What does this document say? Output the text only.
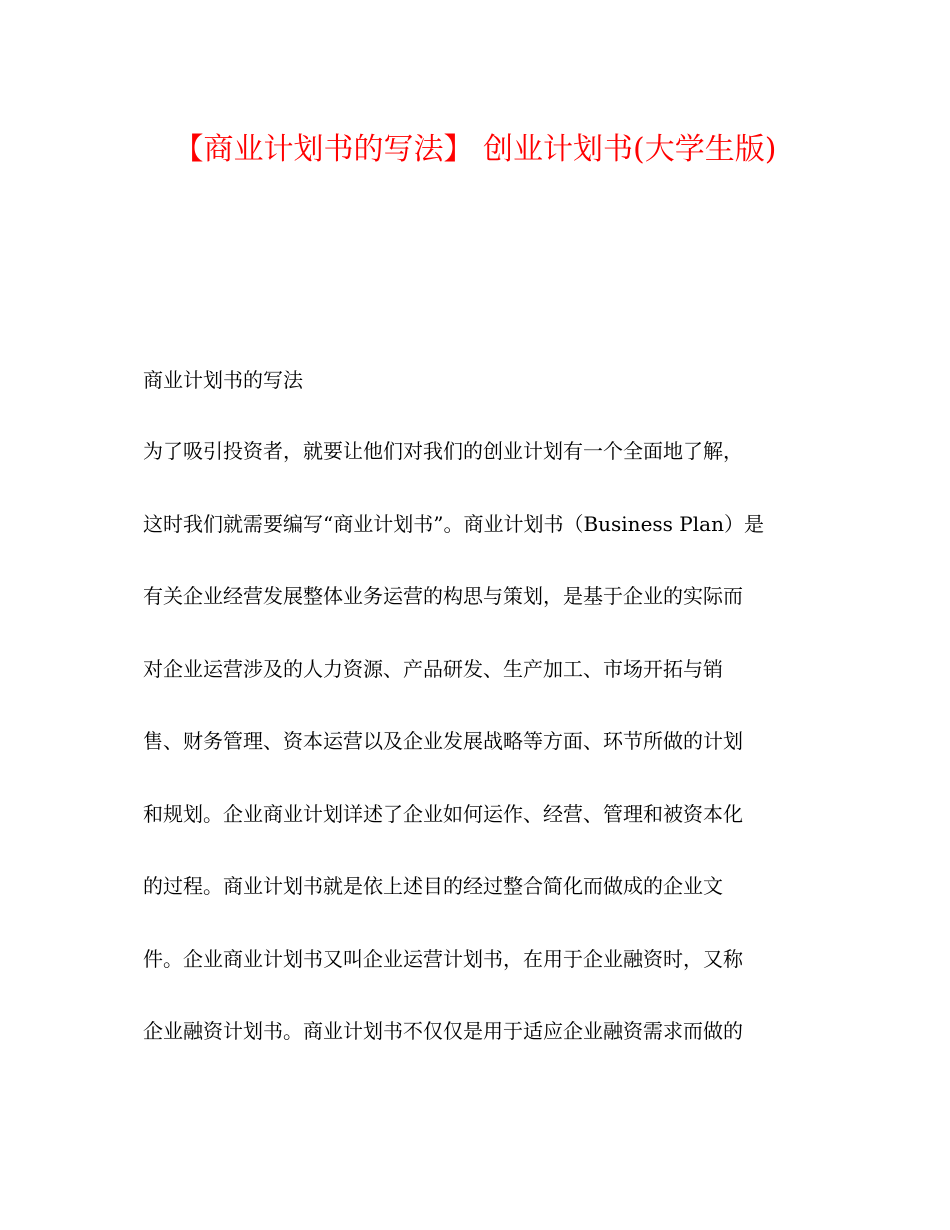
【商业计划书的写法】 创业计划书(大学生版)
商业计划书的写法
为了吸引投资者，就要让他们对我们的创业计划有一个全面地了解，
这时我们就需要编写“商业计划书”。商业计划书（Business Plan）是
有关企业经营发展整体业务运营的构思与策划，是基于企业的实际而
对企业运营涉及的人力资源、产品研发、生产加工、市场开拓与销
售、财务管理、资本运营以及企业发展战略等方面、环节所做的计划
和规划。企业商业计划详述了企业如何运作、经营、管理和被资本化
的过程。商业计划书就是依上述目的经过整合简化而做成的企业文
件。企业商业计划书又叫企业运营计划书，在用于企业融资时，又称
企业融资计划书。商业计划书不仅仅是用于适应企业融资需求而做的
